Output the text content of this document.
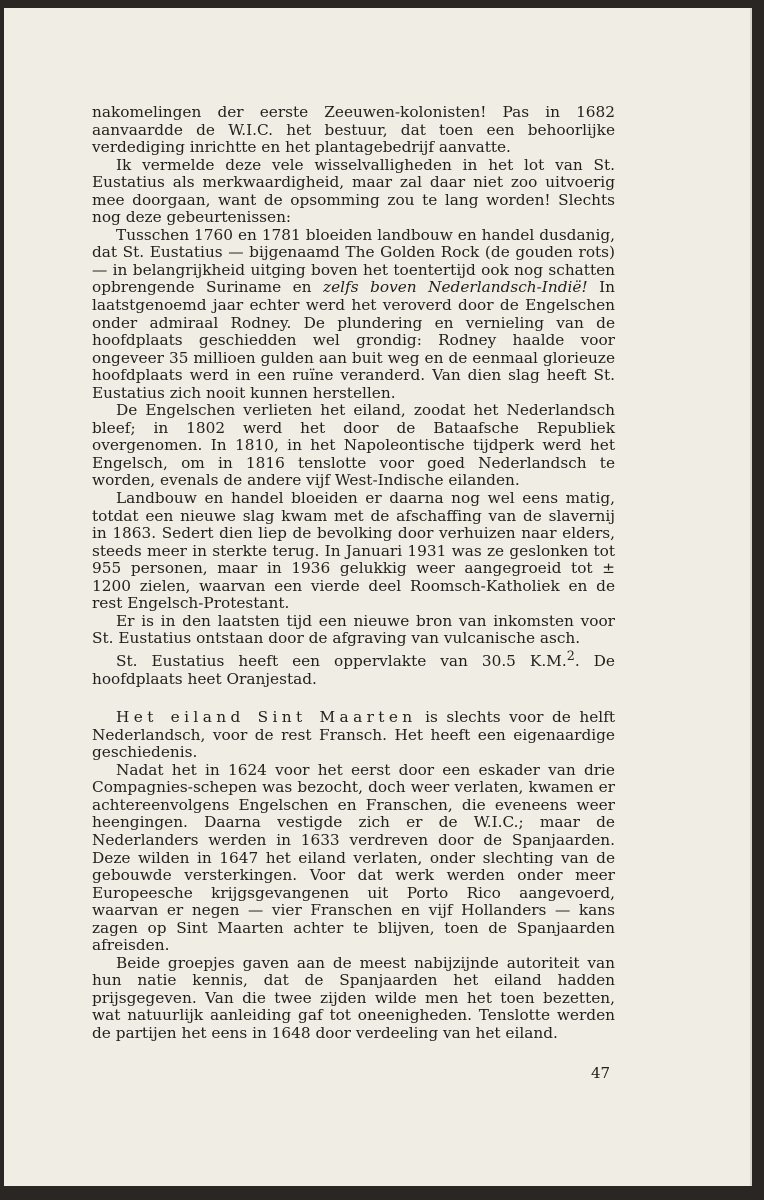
nakomelingen der eerste Zeeuwen-kolonisten! Pas in 1682 aanvaardde de W.I.C. het bestuur, dat toen een behoorlijke verdediging inrichtte en het plantagebedrijf aanvatte.

Ik vermelde deze vele wisselvalligheden in het lot van St. Eustatius als merkwaardigheid, maar zal daar niet zoo uitvoerig mee doorgaan, want de opsomming zou te lang worden! Slechts nog deze gebeurtenissen:

Tusschen 1760 en 1781 bloeiden landbouw en handel dusdanig, dat St. Eustatius — bijgenaamd The Golden Rock (de gouden rots) — in belangrijkheid uitging boven het toentertijd ook nog schatten opbrengende Suriname en zelfs boven Nederlandsch-Indië! In laatstgenoemd jaar echter werd het veroverd door de Engelschen onder admiraal Rodney. De plundering en vernieling van de hoofdplaats geschiedden wel grondig: Rodney haalde voor ongeveer 35 millioen gulden aan buit weg en de eenmaal glorieuze hoofdplaats werd in een ruïne veranderd. Van dien slag heeft St. Eustatius zich nooit kunnen herstellen.

De Engelschen verlieten het eiland, zoodat het Nederlandsch bleef; in 1802 werd het door de Bataafsche Republiek overgenomen. In 1810, in het Napoleontische tijdperk werd het Engelsch, om in 1816 tenslotte voor goed Nederlandsch te worden, evenals de andere vijf West-Indische eilanden.

Landbouw en handel bloeiden er daarna nog wel eens matig, totdat een nieuwe slag kwam met de afschaffing van de slavernij in 1863. Sedert dien liep de bevolking door verhuizen naar elders, steeds meer in sterkte terug. In Januari 1931 was ze geslonken tot 955 personen, maar in 1936 gelukkig weer aangegroeid tot ± 1200 zielen, waarvan een vierde deel Roomsch-Katholiek en de rest Engelsch-Protestant.

Er is in den laatsten tijd een nieuwe bron van inkomsten voor St. Eustatius ontstaan door de afgraving van vulcanische asch.

St. Eustatius heeft een oppervlakte van 30.5 K.M.$^2$. De hoofdplaats heet Oranjestad.

Het eiland Sint Maarten is slechts voor de helft Nederlandsch, voor de rest Fransch. Het heeft een eigenaardige geschiedenis.

Nadat het in 1624 voor het eerst door een eskader van drie Compagnies-schepen was bezocht, doch weer verlaten, kwamen er achtereenvolgens Engelschen en Franschen, die eveneens weer heengingen. Daarna vestigde zich er de W.I.C.; maar de Nederlanders werden in 1633 verdreven door de Spanjaarden. Deze wilden in 1647 het eiland verlaten, onder slechting van de gebouwde versterkingen. Voor dat werk werden onder meer Europeesche krijgsgevangenen uit Porto Rico aangevoerd, waarvan er negen — vier Franschen en vijf Hollanders — kans zagen op Sint Maarten achter te blijven, toen de Spanjaarden afreisden.

Beide groepjes gaven aan de meest nabijzijnde autoriteit van hun natie kennis, dat de Spanjaarden het eiland hadden prijsgegeven. Van die twee zijden wilde men het toen bezetten, wat natuurlijk aanleiding gaf tot oneenigheden. Tenslotte werden de partijen het eens in 1648 door verdeeling van het eiland.

47
